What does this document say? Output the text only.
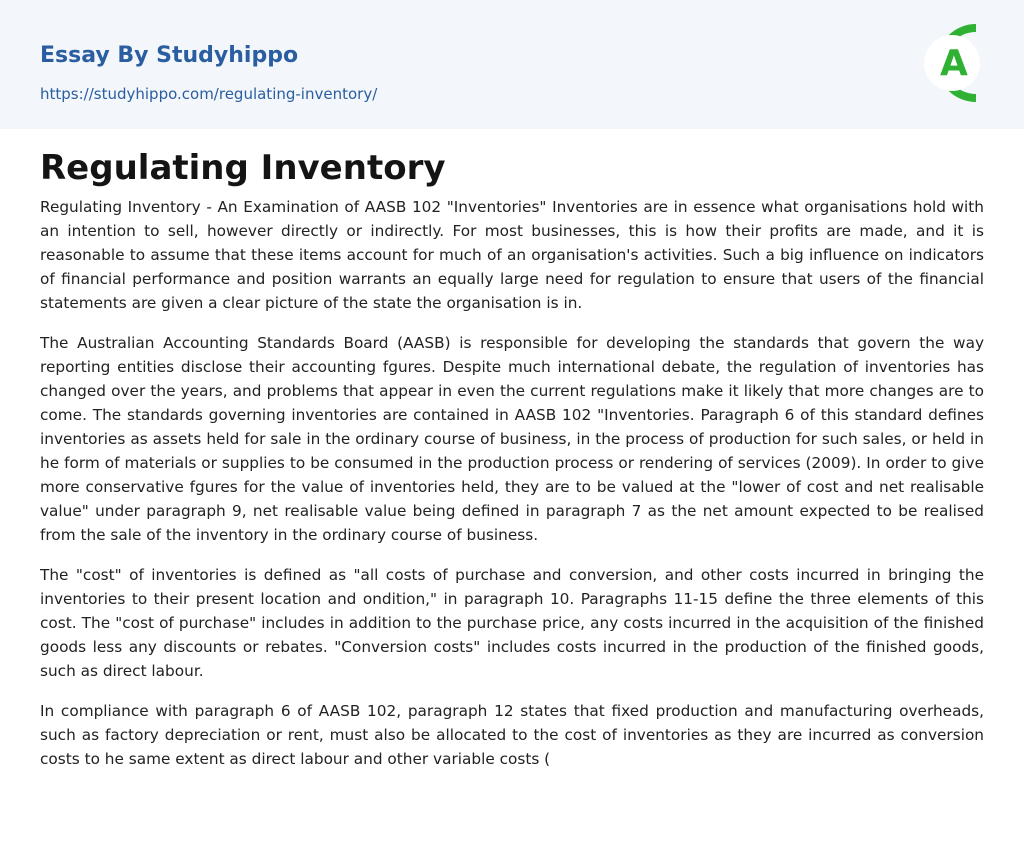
Essay By Studyhippo
https://studyhippo.com/regulating-inventory/
A
Regulating Inventory

Regulating Inventory - An Examination of AASB 102 "Inventories" Inventories are in essence what organisations hold with an intention to sell, however directly or indirectly. For most businesses, this is how their profits are made, and it is reasonable to assume that these items account for much of an organisation's activities. Such a big influence on indicators of financial performance and position warrants an equally large need for regulation to ensure that users of the financial statements are given a clear picture of the state the organisation is in.

The Australian Accounting Standards Board (AASB) is responsible for developing the standards that govern the way reporting entities disclose their accounting fgures. Despite much international debate, the regulation of inventories has changed over the years, and problems that appear in even the current regulations make it likely that more changes are to come. The standards governing inventories are contained in AASB 102 "Inventories. Paragraph 6 of this standard defines inventories as assets held for sale in the ordinary course of business, in the process of production for such sales, or held in he form of materials or supplies to be consumed in the production process or rendering of services (2009). In order to give more conservative fgures for the value of inventories held, they are to be valued at the "lower of cost and net realisable value" under paragraph 9, net realisable value being defined in paragraph 7 as the net amount expected to be realised from the sale of the inventory in the ordinary course of business.

The "cost" of inventories is defined as "all costs of purchase and conversion, and other costs incurred in bringing the inventories to their present location and ondition," in paragraph 10. Paragraphs 11-15 define the three elements of this cost. The "cost of purchase" includes in addition to the purchase price, any costs incurred in the acquisition of the finished goods less any discounts or rebates. "Conversion costs" includes costs incurred in the production of the finished goods, such as direct labour.

In compliance with paragraph 6 of AASB 102, paragraph 12 states that fixed production and manufacturing overheads, such as factory depreciation or rent, must also be allocated to the cost of inventories as they are incurred as conversion costs to he same extent as direct labour and other variable costs (
